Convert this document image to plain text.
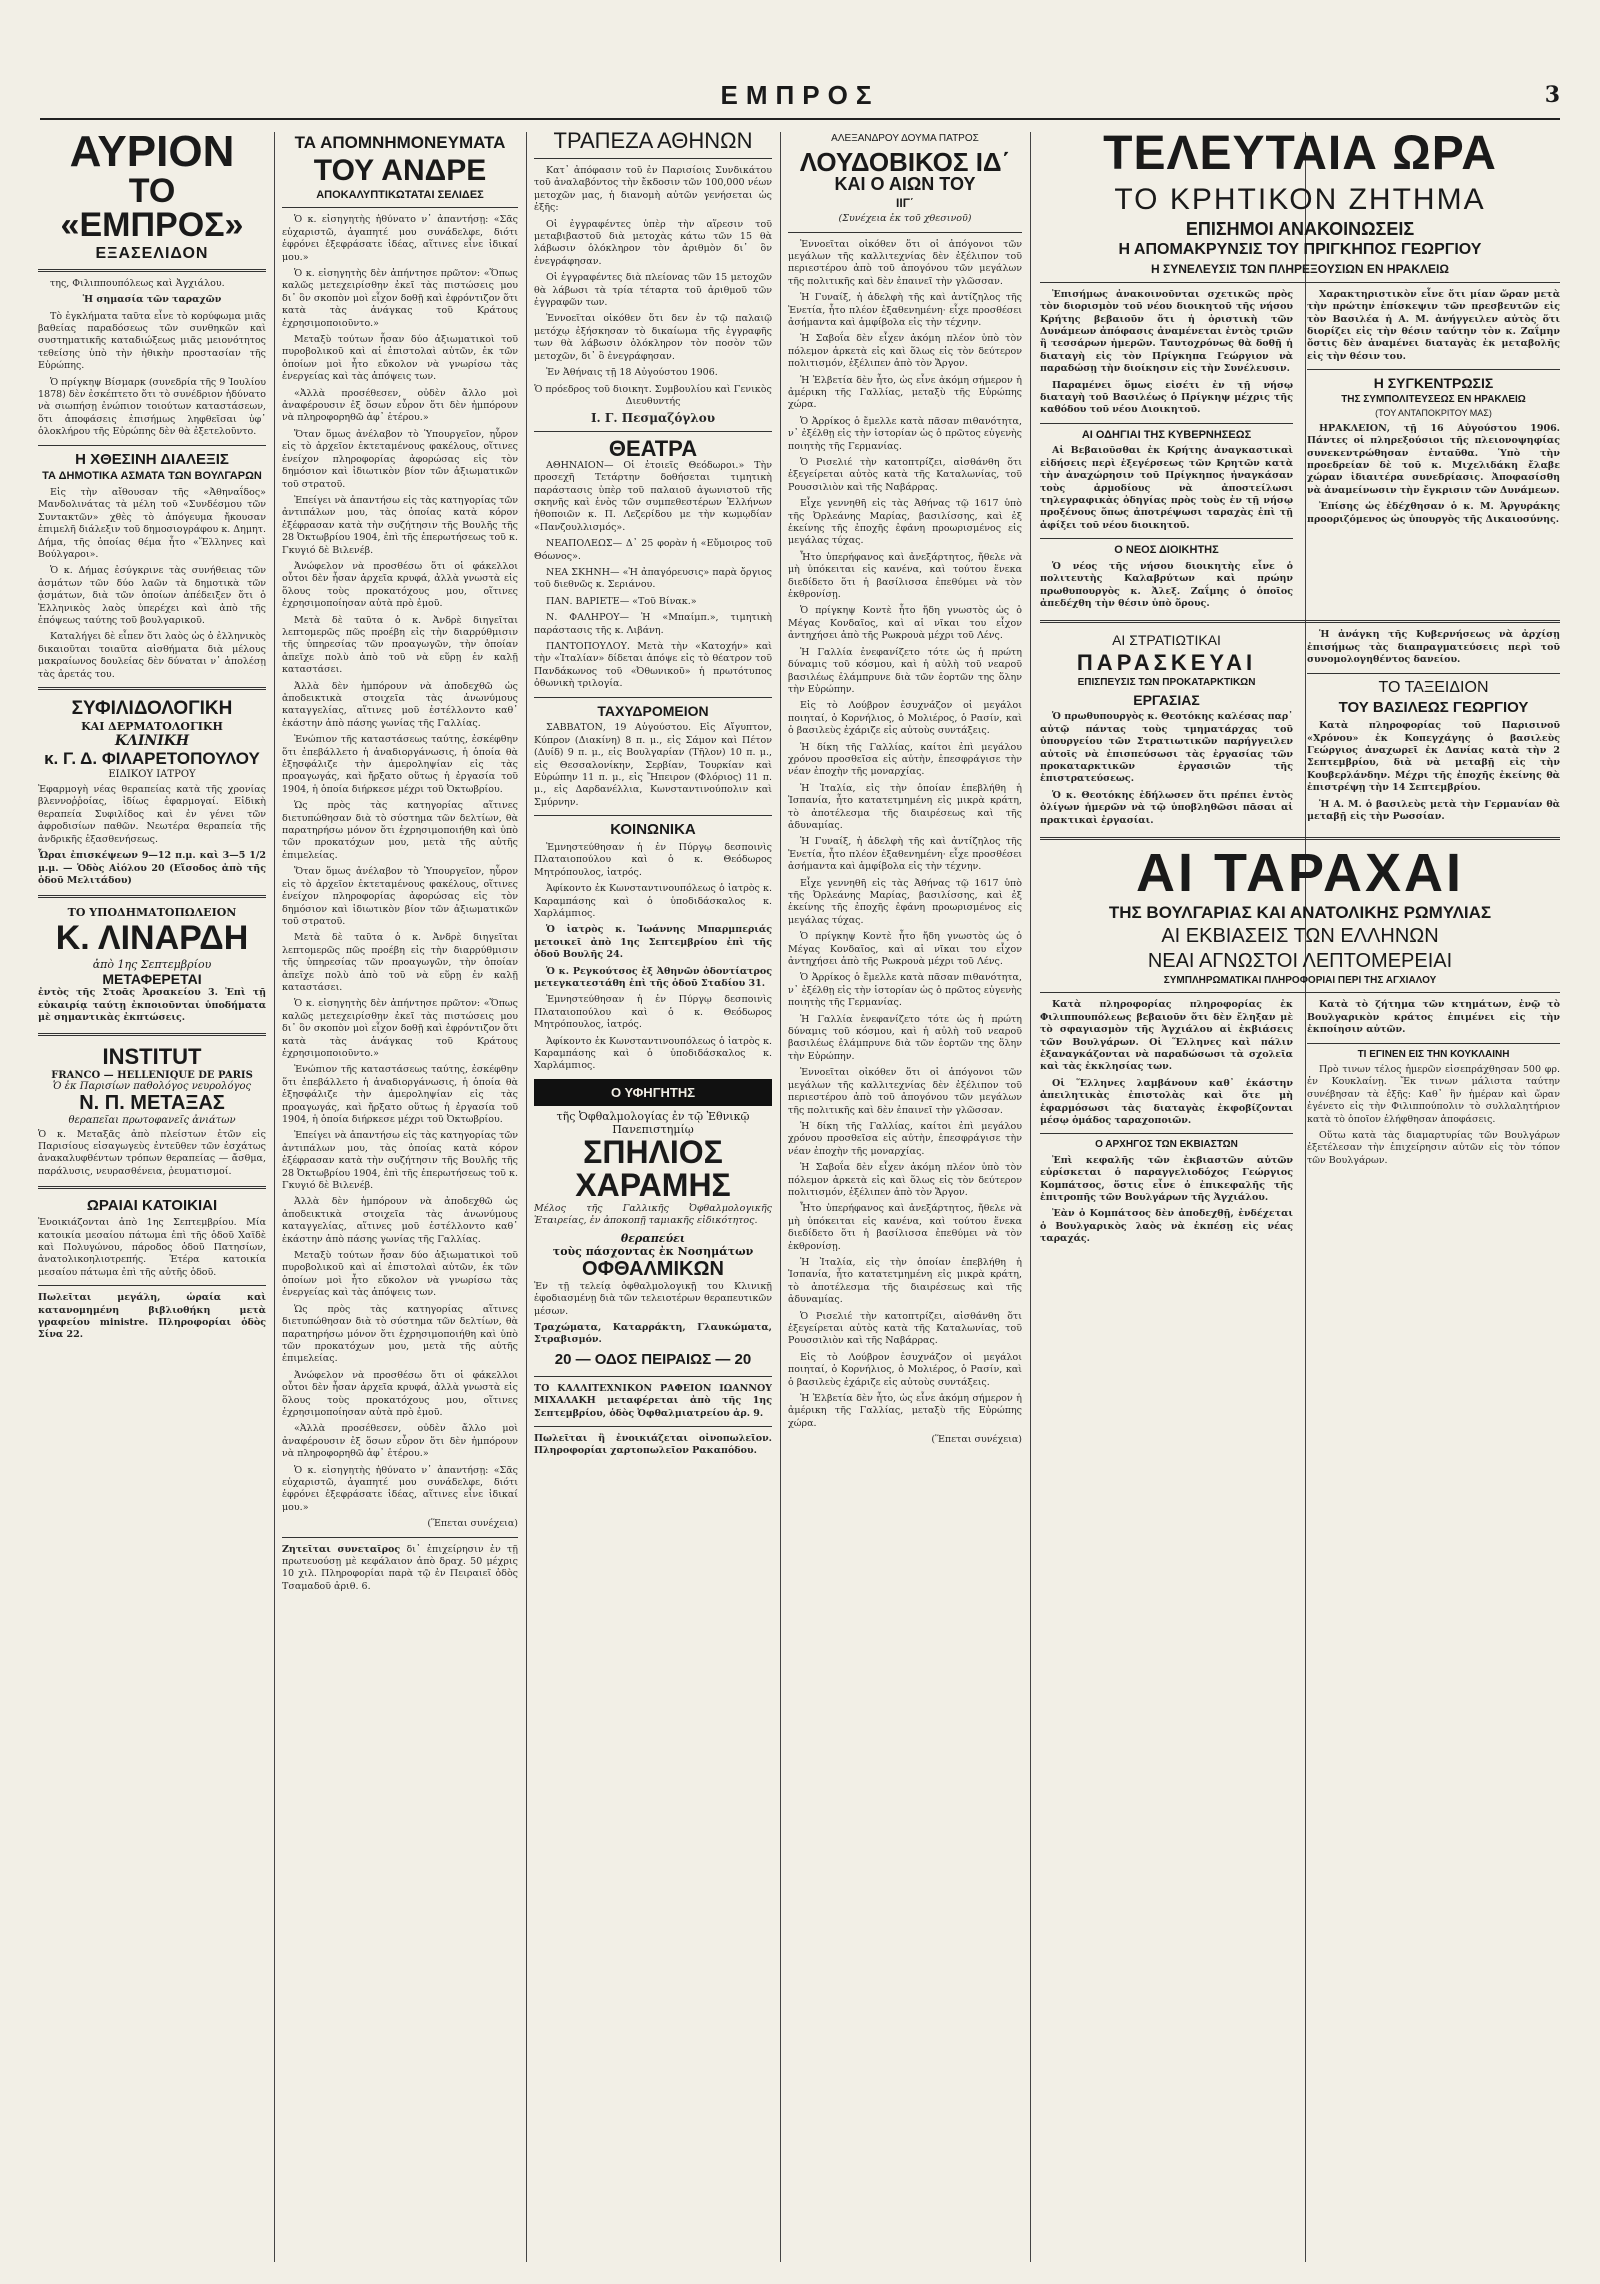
ΕΜΠΡΟΣ	3
ΑΥΡΙΟΝ
ΤΟ «ΕΜΠΡΟΣ»
ΕΞΑΣΕΛΙΔΟΝ

της, Φιλιππουπόλεως καὶ Ἀγχιάλου.

Ἡ σημασία τῶν ταραχῶν

Τὸ ἐγκλήματα ταῦτα εἶνε τὸ κορύφωμα μιᾶς βαθείας παραδόσεως τῶν συνθηκῶν καὶ συστηματικῆς καταδιώξεως μιᾶς μειονότητος τεθείσης ὑπὸ τὴν ἠθικὴν προστασίαν τῆς Εὐρώπης.

Ὁ πρίγκηψ Βίσμαρκ (συνεδρία τῆς 9 Ἰουλίου 1878) δὲν ἐσκέπτετο ὅτι τὸ συνέδριον ἠδύνατο νὰ σιωπήσῃ ἐνώπιον τοιούτων καταστάσεων, ὅτι ἀποφάσεις ἐπισήμως ληφθεῖσαι ὑφ᾽ ὁλοκλήρου τῆς Εὐρώπης δὲν θὰ ἐξετελοῦντο.

Η ΧΘΕΣΙΝΗ ΔΙΑΛΕΞΙΣ
ΤΑ ΔΗΜΟΤΙΚΑ ΑΣΜΑΤΑ ΤΩΝ ΒΟΥΛΓΑΡΩΝ

Εἰς τὴν αἴθουσαν τῆς «Ἀθηναΐδος» Μανδολινάτας τὰ μέλη τοῦ «Συνδέσμου τῶν Συντακτῶν» χθὲς τὸ ἀπόγευμα ἤκουσαν ἐπιμελῆ διάλεξιν τοῦ δημοσιογράφου κ. Δημητ. Δήμα, τῆς ὁποίας θέμα ἦτο «Ἕλληνες καὶ Βούλγαροι».

Ὁ κ. Δήμας ἐσύγκρινε τὰς συνήθειας τῶν ἀσμάτων τῶν δύο λαῶν τὰ δημοτικὰ τῶν ᾀσμάτων, διὰ τῶν ὁποίων ἀπέδειξεν ὅτι ὁ Ἑλληνικὸς λαὸς ὑπερέχει καὶ ἀπὸ τῆς ἐπόψεως ταύτης τοῦ βουλγαρικοῦ.

Καταλήγει δὲ εἶπεν ὅτι λαὸς ὡς ὁ ἑλληνικὸς δικαιοῦται τοιαῦτα αἰσθήματα διὰ μέλους μακραίωνος δουλείας δὲν δύναται ν᾽ ἀπολέσῃ τὰς ἀρετάς του.

ΣΥΦΙΛΙΔΟΛΟΓΙΚΗ
ΚΑΙ ΔΕΡΜΑΤΟΛΟΓΙΚΗ
ΚΛΙΝΙΚΗ
κ. Γ. Δ. ΦΙΛΑΡΕΤΟΠΟΥΛΟΥ
ΕΙΔΙΚΟΥ ΙΑΤΡΟΥ

Ἐφαρμογὴ νέας θεραπείας κατὰ τῆς χρονίας βλεννοῤῥοίας, ἰδίως ἐφαρμογαί. Εἰδικὴ θεραπεία Συφιλίδος καὶ ἐν γένει τῶν ἀφροδισίων παθῶν. Νεωτέρα θεραπεία τῆς ἀνδρικῆς ἐξασθενήσεως.

Ὧραι ἐπισκέψεων 9—12 π.μ. καὶ 3—5 1/2 μ.μ. — Ὁδὸς Αἰόλου 20 (Εἴσοδος ἀπὸ τῆς ὁδοῦ Μελιτάδου)

ΤΟ ΥΠΟΔΗΜΑΤΟΠΩΛΕΙΟΝ
Κ. ΛΙΝΑΡΔΗ
ἀπὸ 1ης Σεπτεμβρίου
ΜΕΤΑΦΕΡΕΤΑΙ

ἐντὸς τῆς Στοᾶς Ἀρσακείου 3. Ἐπὶ τῇ εὐκαιρίᾳ ταύτῃ ἐκποιοῦνται ὑποδήματα μὲ σημαντικὰς ἐκπτώσεις.

INSTITUT
FRANCO — HELLENIQUE DE PARIS
Ὁ ἐκ Παρισίων παθολόγος νευρολόγος
Ν. Π. ΜΕΤΑΞΑΣ
θεραπεῖαι πρωτοφανεῖς ἀνιάτων

Ὁ κ. Μεταξᾶς ἀπὸ πλείστων ἐτῶν εἰς Παρισίους εἰσαγωγεὺς ἐντεῦθεν τῶν ἐσχάτως ἀνακαλυφθέντων τρόπων θεραπείας — ἄσθμα, παράλυσις, νευρασθένεια, ῥευματισμοί.

ΩΡΑΙΑΙ ΚΑΤΟΙΚΙΑΙ

Ἐνοικιάζονται ἀπὸ 1ης Σεπτεμβρίου. Μία κατοικία μεσαίου πάτωμα ἐπὶ τῆς ὁδοῦ Χαϊδὲ καὶ Πολυγώνου, πάροδος ὁδοῦ Πατησίων, ἀνατολικοηλιοτρεπής. Ἑτέρα κατοικία μεσαίου πάτωμα ἐπὶ τῆς αὐτῆς ὁδοῦ.

Πωλεῖται μεγάλη, ὡραία καὶ κατανομημένη βιβλιοθήκη μετὰ γραφείου ministre. Πληροφορίαι ὁδὸς Σίνα 22.

ΤΑ ΑΠΟΜΝΗΜΟΝΕΥΜΑΤΑ
ΤΟΥ ΑΝΔΡΕ
ΑΠΟΚΑΛΥΠΤΙΚΩΤΑΤΑΙ ΣΕΛΙΔΕΣ

Ὁ κ. εἰσηγητὴς ἠθύνατο ν᾽ ἀπαντήσῃ: «Σᾶς εὐχαριστῶ, ἀγαπητέ μου συνάδελφε, διότι ἐφρόνει ἐξεφράσατε ἰδέας, αἵτινες εἶνε ἰδικαί μου.»

Ὁ κ. εἰσηγητὴς δὲν ἀπήντησε πρῶτον: «Ὅπως καλῶς μετεχειρίσθην ἐκεῖ τὰς πιστώσεις μου δι᾽ ὃν σκοπὸν μοὶ εἶχον δοθῇ καὶ ἐφρόντιζον ὅτι κατὰ τὰς ἀνάγκας τοῦ Κράτους ἐχρησιμοποιοῦντο.»

Μεταξὺ τούτων ἦσαν δύο ἀξιωματικοὶ τοῦ πυροβολικοῦ καὶ αἱ ἐπιστολαὶ αὐτῶν, ἐκ τῶν ὁποίων μοὶ ἦτο εὔκολον νὰ γνωρίσω τὰς ἐνεργείας καὶ τὰς ἀπόψεις των.

«Ἀλλὰ προσέθεσεν, οὐδὲν ἄλλο μοὶ ἀναφέρουσιν ἐξ ὅσων εὗρον ὅτι δὲν ἠμπόρουν νὰ πληροφορηθῶ ἀφ᾽ ἑτέρου.»

Ὅταν ὅμως ἀνέλαβον τὸ Ὑπουργεῖον, ηὗρον εἰς τὸ ἀρχεῖον ἐκτεταμένους φακέλους, οἵτινες ἐνείχον πληροφορίας ἀφορώσας εἰς τὸν δημόσιον καὶ ἰδιωτικὸν βίον τῶν ἀξιωματικῶν τοῦ στρατοῦ.

Ἐπείγει νὰ ἀπαντήσω εἰς τὰς κατηγορίας τῶν ἀντιπάλων μου, τὰς ὁποίας κατὰ κόρον ἐξέφρασαν κατὰ τὴν συζήτησιν τῆς Βουλῆς τῆς 28 Ὀκτωβρίου 1904, ἐπὶ τῆς ἐπερωτήσεως τοῦ κ. Γκυγιό δὲ Βιλενέβ.

Ἀνώφελον νὰ προσθέσω ὅτι οἱ φάκελλοι οὗτοι δὲν ἦσαν ἀρχεῖα κρυφά, ἀλλὰ γνωστὰ εἰς ὅλους τοὺς προκατόχους μου, οἵτινες ἐχρησιμοποίησαν αὐτὰ πρὸ ἐμοῦ.

Μετὰ δὲ ταῦτα ὁ κ. Ἀνδρὲ διηγεῖται λεπτομερῶς πῶς προέβη εἰς τὴν διαρρύθμισιν τῆς ὑπηρεσίας τῶν προαγωγῶν, τὴν ὁποίαν ἀπεῖχε πολὺ ἀπὸ τοῦ νὰ εὕρῃ ἐν καλῇ καταστάσει.

Ἀλλὰ δὲν ἠμπόρουν νὰ ἀποδεχθῶ ὡς ἀποδεικτικὰ στοιχεῖα τὰς ἀνωνύμους καταγγελίας, αἵτινες μοῦ ἐστέλλοντο καθ᾽ ἑκάστην ἀπὸ πάσης γωνίας τῆς Γαλλίας.

Ἐνώπιον τῆς καταστάσεως ταύτης, ἐσκέφθην ὅτι ἐπεβάλλετο ἡ ἀναδιοργάνωσις, ἡ ὁποία θὰ ἐξησφάλιζε τὴν ἀμεροληψίαν εἰς τὰς προαγωγάς, καὶ ἤρξατο οὕτως ἡ ἐργασία τοῦ 1904, ἡ ὁποία διήρκεσε μέχρι τοῦ Ὀκτωβρίου.

Ὡς πρὸς τὰς κατηγορίας αἵτινες διετυπώθησαν διὰ τὸ σύστημα τῶν δελτίων, θὰ παρατηρήσω μόνον ὅτι ἐχρησιμοποιήθη καὶ ὑπὸ τῶν προκατόχων μου, μετὰ τῆς αὐτῆς ἐπιμελείας.

Ὅταν ὅμως ἀνέλαβον τὸ Ὑπουργεῖον, ηὗρον εἰς τὸ ἀρχεῖον ἐκτεταμένους φακέλους, οἵτινες ἐνείχον πληροφορίας ἀφορώσας εἰς τὸν δημόσιον καὶ ἰδιωτικὸν βίον τῶν ἀξιωματικῶν τοῦ στρατοῦ.

Μετὰ δὲ ταῦτα ὁ κ. Ἀνδρὲ διηγεῖται λεπτομερῶς πῶς προέβη εἰς τὴν διαρρύθμισιν τῆς ὑπηρεσίας τῶν προαγωγῶν, τὴν ὁποίαν ἀπεῖχε πολὺ ἀπὸ τοῦ νὰ εὕρῃ ἐν καλῇ καταστάσει.

Ὁ κ. εἰσηγητὴς δὲν ἀπήντησε πρῶτον: «Ὅπως καλῶς μετεχειρίσθην ἐκεῖ τὰς πιστώσεις μου δι᾽ ὃν σκοπὸν μοὶ εἶχον δοθῇ καὶ ἐφρόντιζον ὅτι κατὰ τὰς ἀνάγκας τοῦ Κράτους ἐχρησιμοποιοῦντο.»

Ἐνώπιον τῆς καταστάσεως ταύτης, ἐσκέφθην ὅτι ἐπεβάλλετο ἡ ἀναδιοργάνωσις, ἡ ὁποία θὰ ἐξησφάλιζε τὴν ἀμεροληψίαν εἰς τὰς προαγωγάς, καὶ ἤρξατο οὕτως ἡ ἐργασία τοῦ 1904, ἡ ὁποία διήρκεσε μέχρι τοῦ Ὀκτωβρίου.

Ἐπείγει νὰ ἀπαντήσω εἰς τὰς κατηγορίας τῶν ἀντιπάλων μου, τὰς ὁποίας κατὰ κόρον ἐξέφρασαν κατὰ τὴν συζήτησιν τῆς Βουλῆς τῆς 28 Ὀκτωβρίου 1904, ἐπὶ τῆς ἐπερωτήσεως τοῦ κ. Γκυγιό δὲ Βιλενέβ.

Ἀλλὰ δὲν ἠμπόρουν νὰ ἀποδεχθῶ ὡς ἀποδεικτικὰ στοιχεῖα τὰς ἀνωνύμους καταγγελίας, αἵτινες μοῦ ἐστέλλοντο καθ᾽ ἑκάστην ἀπὸ πάσης γωνίας τῆς Γαλλίας.

Μεταξὺ τούτων ἦσαν δύο ἀξιωματικοὶ τοῦ πυροβολικοῦ καὶ αἱ ἐπιστολαὶ αὐτῶν, ἐκ τῶν ὁποίων μοὶ ἦτο εὔκολον νὰ γνωρίσω τὰς ἐνεργείας καὶ τὰς ἀπόψεις των.

Ὡς πρὸς τὰς κατηγορίας αἵτινες διετυπώθησαν διὰ τὸ σύστημα τῶν δελτίων, θὰ παρατηρήσω μόνον ὅτι ἐχρησιμοποιήθη καὶ ὑπὸ τῶν προκατόχων μου, μετὰ τῆς αὐτῆς ἐπιμελείας.

Ἀνώφελον νὰ προσθέσω ὅτι οἱ φάκελλοι οὗτοι δὲν ἦσαν ἀρχεῖα κρυφά, ἀλλὰ γνωστὰ εἰς ὅλους τοὺς προκατόχους μου, οἵτινες ἐχρησιμοποίησαν αὐτὰ πρὸ ἐμοῦ.

«Ἀλλὰ προσέθεσεν, οὐδὲν ἄλλο μοὶ ἀναφέρουσιν ἐξ ὅσων εὗρον ὅτι δὲν ἠμπόρουν νὰ πληροφορηθῶ ἀφ᾽ ἑτέρου.»

Ὁ κ. εἰσηγητὴς ἠθύνατο ν᾽ ἀπαντήσῃ: «Σᾶς εὐχαριστῶ, ἀγαπητέ μου συνάδελφε, διότι ἐφρόνει ἐξεφράσατε ἰδέας, αἵτινες εἶνε ἰδικαί μου.»

(Ἕπεται συνέχεια)

Ζητεῖται συνεταῖρος δι᾽ ἐπιχείρησιν ἐν τῇ πρωτευούσῃ μὲ κεφάλαιον ἀπὸ δραχ. 50 μέχρις 10 χιλ. Πληροφορίαι παρὰ τῷ ἐν Πειραιεῖ ὁδὸς Τσαμαδοῦ ἀριθ. 6.

ΤΡΑΠΕΖΑ ΑΘΗΝΩΝ

Κατ᾽ ἀπόφασιν τοῦ ἐν Παρισίοις Συνδικάτου τοῦ ἀναλαβόντος τὴν ἔκδοσιν τῶν 100,000 νέων μετοχῶν μας, ἡ διανομὴ αὐτῶν γενήσεται ὡς ἑξῆς:

Οἱ ἐγγραφέντες ὑπὲρ τὴν αἵρεσιν τοῦ μεταβιβαστοῦ διὰ μετοχὰς κάτω τῶν 15 θὰ λάβωσιν ὁλόκληρον τὸν ἀριθμὸν δι᾽ ὃν ἐνεγράφησαν.

Οἱ ἐγγραφέντες διὰ πλείονας τῶν 15 μετοχῶν θὰ λάβωσι τὰ τρία τέταρτα τοῦ ἀριθμοῦ τῶν ἐγγραφῶν των.

Ἐννοεῖται οἰκόθεν ὅτι δεν ἐν τῷ παλαιῷ μετόχῳ ἐξήσκησαν τὸ δικαίωμα τῆς ἐγγραφῆς των θὰ λάβωσιν ὁλόκληρον τὸν ποσὸν τῶν μετοχῶν, δι᾽ ὃ ἐνεγράφησαν.

Ἐν Ἀθήναις τῇ 18 Αὐγούστου 1906.

Ὁ πρόεδρος τοῦ διοικητ. Συμβουλίου καὶ Γενικὸς Διευθυντής

Ι. Γ. Πεσμαζόγλου

ΘΕΑΤΡΑ

ΑΘΗΝΑΙΟΝ— Οἱ ἐτοιεῖς Θεόδωροι.» Τὴν προσεχῆ Τετάρτην δοθήσεται τιμητικὴ παράστασις ὑπὲρ τοῦ παλαιοῦ ἀγωνιστοῦ τῆς σκηνῆς καὶ ἑνὸς τῶν συμπεθεστέρων Ἑλλήνων ἠθοποιῶν κ. Π. Λεζερίδου με τὴν κωμῳδίαν «Πανζουλλισμός».

ΝΕΑΠΟΛΕΩΣ— Δ᾽ 25 φορὰν ἡ «Εὔμοιρος τοῦ Θόωνος».

ΝΕΑ ΣΚΗΝΗ— «Ἡ ἀπαγόρευσις» παρὰ ὄργιος τοῦ διεθνῶς κ. Σεριάνου.

ΠΑΝ. ΒΑΡΙΕΤΕ— «Τοῦ Βίνακ.»

Ν. ΦΑΛΗΡΟΥ— Ἡ «Μπαίμπ.», τιμητικὴ παράστασις τῆς κ. Λιβάνη.

ΠΑΝΤΟΠΟΥΛΟΥ. Μετὰ τὴν «Κατοχήν» καὶ τὴν «Ἰταλίαν» δίδεται ἀπόψε εἰς τὸ θέατρον τοῦ Πανδάκωνος τοῦ «Ὀθωνικοῦ» ἡ πρωτότυπος ὀθωνικὴ τριλογία.

ΤΑΧΥΔΡΟΜΕΙΟΝ

ΣΑΒΒΑΤΟΝ, 19 Αὐγούστου. Εἰς Αἴγυπτον, Κύπρον (Διακίνη) 8 π. μ., εἰς Σάμον καὶ Πέτον (Δυίδ) 9 π. μ., εἰς Βουλγαρίαν (Τῆλον) 10 π. μ., εἰς Θεσσαλονίκην, Σερβίαν, Τουρκίαν καὶ Εὐρώπην 11 π. μ., εἰς Ἤπειρον (Φλόριος) 11 π. μ., εἰς Δαρδανέλλια, Κωνσταντινούπολιν καὶ Σμύρνην.

ΚΟΙΝΩΝΙΚΑ

Ἐμνηστεύθησαν ἡ ἐν Πύργῳ δεσποινὶς Πλαταιοπούλου καὶ ὁ κ. Θεόδωρος Μητρόπουλος, ἰατρός.

Ἀφίκοντο ἐκ Κωνσταντινουπόλεως ὁ ἰατρὸς κ. Καραμπάσης καὶ ὁ ὑποδιδάσκαλος κ. Χαρλάμπιος.

Ὁ ἰατρὸς κ. Ἰωάννης Μπαρμπεριάς μετοικεῖ ἀπὸ 1ης Σεπτεμβρίου ἐπὶ τῆς ὁδοῦ Βουλῆς 24.

Ὁ κ. Ρεγκούτσος ἐξ Ἀθηνῶν ὀδοντίατρος μετεγκατεστάθη ἐπὶ τῆς ὁδοῦ Σταδίου 31.

Ἐμνηστεύθησαν ἡ ἐν Πύργῳ δεσποινὶς Πλαταιοπούλου καὶ ὁ κ. Θεόδωρος Μητρόπουλος, ἰατρός.

Ἀφίκοντο ἐκ Κωνσταντινουπόλεως ὁ ἰατρὸς κ. Καραμπάσης καὶ ὁ ὑποδιδάσκαλος κ. Χαρλάμπιος.

Ο ΥΦΗΓΗΤΗΣ
τῆς Ὀφθαλμολογίας ἐν τῷ Ἐθνικῷ Πανεπιστημίῳ
ΣΠΗΛΙΟΣ ΧΑΡΑΜΗΣ

Μέλος τῆς Γαλλικῆς Ὀφθαλμολογικῆς Ἑταιρείας, ἐν ἀποκοπῇ ταμιακῆς εἰδικότητος.

θεραπεύει
τοὺς πάσχοντας ἐκ Νοσημάτων
ΟΦΘΑΛΜΙΚΩΝ

Ἐν τῇ τελείᾳ ὀφθαλμολογικῇ του Κλινικῇ ἐφοδιασμένῃ διὰ τῶν τελειοτέρων θεραπευτικῶν μέσων.

Τραχώματα, Καταρράκτη, Γλαυκώματα, Στραβισμόν.

20 — ΟΔΟΣ ΠΕΙΡΑΙΩΣ — 20

ΤΟ ΚΑΛΛΙΤΕΧΝΙΚΟΝ ΡΑΦΕΙΟΝ ΙΩΑΝΝΟΥ ΜΙΧΑΛΑΚΗ μεταφέρεται ἀπὸ τῆς 1ης Σεπτεμβρίου, ὁδὸς Ὀφθαλμιατρείου ἀρ. 9.

Πωλεῖται ἢ ἐνοικιάζεται οἰνοπωλεῖον. Πληροφορίαι χαρτοπωλεῖον Ρακαπόδου.

ΑΛΕΞΑΝΔΡΟΥ ΔΟΥΜΑ ΠΑΤΡΟΣ
ΛΟΥΔΟΒΙΚΟΣ ΙΔ΄
ΚΑΙ Ο ΑΙΩΝ ΤΟΥ
ΙΙΓ΄

(Συνέχεια ἐκ τοῦ χθεσινοῦ)

Ἐννοεῖται οἰκόθεν ὅτι οἱ ἀπόγονοι τῶν μεγάλων τῆς καλλιτεχνίας δὲν ἐξέλιπον τοῦ περιεστέρου ἀπὸ τοῦ ἀπογόνου τῶν μεγάλων τῆς πολιτικῆς καὶ δὲν ἐπαινεῖ τὴν γλῶσσαν.

Ἡ Γυναίξ, ἡ ἀδελφὴ τῆς καὶ ἀντίζηλος τῆς Ἐνετία, ἦτο πλέον ἐξαθενημένη· εἶχε προσθέσει ἀσήμαντα καὶ ἀμφίβολα εἰς τὴν τέχνην.

Ἡ Σαβοΐα δὲν εἶχεν ἀκόμη πλέον ὑπὸ τὸν πόλεμον ἀρκετὰ εἰς καὶ ὅλως εἰς τὸν δεύτερον πολιτισμόν, ἐξέλιπεν ἀπὸ τὸν Ἄργον.

Ἡ Ἑλβετία δὲν ἦτο, ὡς εἶνε ἀκόμη σήμερον ἡ ἀμέρικη τῆς Γαλλίας, μεταξὺ τῆς Εὐρώπης χώρα.

Ὁ Ἀρρίκος ὁ ἔμελλε κατὰ πᾶσαν πιθανότητα, ν᾽ ἐξέλθῃ εἰς τὴν ἱστορίαν ὡς ὁ πρῶτος εὐγενὴς ποιητὴς τῆς Γερμανίας.

Ὁ Ρισελιέ τὴν κατοπτρίζει, αἰσθάνθη ὅτι ἐξεγείρεται αὐτὸς κατὰ τῆς Καταλωνίας, τοῦ Ρουσσιλιὸν καὶ τῆς Ναβάρρας.

Εἶχε γεννηθῆ εἰς τὰς Ἀθήνας τῷ 1617 ὑπὸ τῆς Ὀρλεάνης Μαρίας, βασιλίσσης, καὶ ἐξ ἐκείνης τῆς ἐποχῆς ἐφάνη προωρισμένος εἰς μεγάλας τύχας.

Ἦτο ὑπερήφανος καὶ ἀνεξάρτητος, ἤθελε νὰ μὴ ὑπόκειται εἰς κανένα, καὶ τούτου ἕνεκα διεδίδετο ὅτι ἡ βασίλισσα ἐπεθύμει νὰ τὸν ἐκθρονίσῃ.

Ὁ πρίγκηψ Κοντὲ ἦτο ἤδη γνωστὸς ὡς ὁ Μέγας Κονδαῖος, καὶ αἱ νῖκαι του εἶχον ἀντηχήσει ἀπὸ τῆς Ρωκρουὰ μέχρι τοῦ Λένς.

Ἡ Γαλλία ἐνεφανίζετο τότε ὡς ἡ πρώτη δύναμις τοῦ κόσμου, καὶ ἡ αὐλὴ τοῦ νεαροῦ βασιλέως ἐλάμπρυνε διὰ τῶν ἑορτῶν της ὅλην τὴν Εὐρώπην.

Εἰς τὸ Λούβρον ἐσυχνάζον οἱ μεγάλοι ποιηταί, ὁ Κορνήλιος, ὁ Μολιέρος, ὁ Ρασίν, καὶ ὁ βασιλεὺς ἐχάριζε εἰς αὐτοὺς συντάξεις.

Ἡ δίκη τῆς Γαλλίας, καίτοι ἐπὶ μεγάλου χρόνου προσθεῖσα εἰς αὐτὴν, ἐπεσφράγισε τὴν νέαν ἐποχὴν τῆς μοναρχίας.

Ἡ Ἰταλία, εἰς τὴν ὁποίαν ἐπεβλήθη ἡ Ἱσπανία, ἦτο κατατετμημένη εἰς μικρὰ κράτη, τὸ ἀποτέλεσμα τῆς διαιρέσεως καὶ τῆς ἀδυναμίας.

Ἡ Γυναίξ, ἡ ἀδελφὴ τῆς καὶ ἀντίζηλος τῆς Ἐνετία, ἦτο πλέον ἐξαθενημένη· εἶχε προσθέσει ἀσήμαντα καὶ ἀμφίβολα εἰς τὴν τέχνην.

Εἶχε γεννηθῆ εἰς τὰς Ἀθήνας τῷ 1617 ὑπὸ τῆς Ὀρλεάνης Μαρίας, βασιλίσσης, καὶ ἐξ ἐκείνης τῆς ἐποχῆς ἐφάνη προωρισμένος εἰς μεγάλας τύχας.

Ὁ πρίγκηψ Κοντὲ ἦτο ἤδη γνωστὸς ὡς ὁ Μέγας Κονδαῖος, καὶ αἱ νῖκαι του εἶχον ἀντηχήσει ἀπὸ τῆς Ρωκρουὰ μέχρι τοῦ Λένς.

Ὁ Ἀρρίκος ὁ ἔμελλε κατὰ πᾶσαν πιθανότητα, ν᾽ ἐξέλθῃ εἰς τὴν ἱστορίαν ὡς ὁ πρῶτος εὐγενὴς ποιητὴς τῆς Γερμανίας.

Ἡ Γαλλία ἐνεφανίζετο τότε ὡς ἡ πρώτη δύναμις τοῦ κόσμου, καὶ ἡ αὐλὴ τοῦ νεαροῦ βασιλέως ἐλάμπρυνε διὰ τῶν ἑορτῶν της ὅλην τὴν Εὐρώπην.

Ἐννοεῖται οἰκόθεν ὅτι οἱ ἀπόγονοι τῶν μεγάλων τῆς καλλιτεχνίας δὲν ἐξέλιπον τοῦ περιεστέρου ἀπὸ τοῦ ἀπογόνου τῶν μεγάλων τῆς πολιτικῆς καὶ δὲν ἐπαινεῖ τὴν γλῶσσαν.

Ἡ δίκη τῆς Γαλλίας, καίτοι ἐπὶ μεγάλου χρόνου προσθεῖσα εἰς αὐτὴν, ἐπεσφράγισε τὴν νέαν ἐποχὴν τῆς μοναρχίας.

Ἡ Σαβοΐα δὲν εἶχεν ἀκόμη πλέον ὑπὸ τὸν πόλεμον ἀρκετὰ εἰς καὶ ὅλως εἰς τὸν δεύτερον πολιτισμόν, ἐξέλιπεν ἀπὸ τὸν Ἄργον.

Ἦτο ὑπερήφανος καὶ ἀνεξάρτητος, ἤθελε νὰ μὴ ὑπόκειται εἰς κανένα, καὶ τούτου ἕνεκα διεδίδετο ὅτι ἡ βασίλισσα ἐπεθύμει νὰ τὸν ἐκθρονίσῃ.

Ἡ Ἰταλία, εἰς τὴν ὁποίαν ἐπεβλήθη ἡ Ἱσπανία, ἦτο κατατετμημένη εἰς μικρὰ κράτη, τὸ ἀποτέλεσμα τῆς διαιρέσεως καὶ τῆς ἀδυναμίας.

Ὁ Ρισελιέ τὴν κατοπτρίζει, αἰσθάνθη ὅτι ἐξεγείρεται αὐτὸς κατὰ τῆς Καταλωνίας, τοῦ Ρουσσιλιὸν καὶ τῆς Ναβάρρας.

Εἰς τὸ Λούβρον ἐσυχνάζον οἱ μεγάλοι ποιηταί, ὁ Κορνήλιος, ὁ Μολιέρος, ὁ Ρασίν, καὶ ὁ βασιλεὺς ἐχάριζε εἰς αὐτοὺς συντάξεις.

Ἡ Ἑλβετία δὲν ἦτο, ὡς εἶνε ἀκόμη σήμερον ἡ ἀμέρικη τῆς Γαλλίας, μεταξὺ τῆς Εὐρώπης χώρα.

(Ἕπεται συνέχεια)

ΤΕΛΕΥΤΑΙΑ ΩΡΑ
ΤΟ ΚΡΗΤΙΚΟΝ ΖΗΤΗΜΑ
ΕΠΙΣΗΜΟΙ ΑΝΑΚΟΙΝΩΣΕΙΣ
Η ΑΠΟΜΑΚΡΥΝΣΙΣ ΤΟΥ ΠΡΙΓΚΗΠΟΣ ΓΕΩΡΓΙΟΥ
Η ΣΥΝΕΛΕΥΣΙΣ ΤΩΝ ΠΛΗΡΕΞΟΥΣΙΩΝ ΕΝ ΗΡΑΚΛΕΙΩ

Ἐπισήμως ἀνακοινοῦνται σχετικῶς πρὸς τὸν διορισμὸν τοῦ νέου διοικητοῦ τῆς νήσου Κρήτης βεβαιοῦν ὅτι ἡ ὁριστικὴ τῶν Δυνάμεων ἀπόφασις ἀναμένεται ἐντὸς τριῶν ἢ τεσσάρων ἡμερῶν. Ταυτοχρόνως θὰ δοθῇ ἡ διαταγὴ εἰς τὸν Πρίγκηπα Γεώργιον νὰ παραδώσῃ τὴν διοίκησιν εἰς τὴν Συνέλευσιν.

Παραμένει ὅμως εἰσέτι ἐν τῇ νήσῳ διαταγὴ τοῦ Βασιλέως ὁ Πρίγκηψ μέχρις τῆς καθόδου τοῦ νέου Διοικητοῦ.

ΑΙ ΟΔΗΓΙΑΙ ΤΗΣ ΚΥΒΕΡΝΗΣΕΩΣ

Αἱ Βεβαιοῦσθαι ἐκ Κρήτης ἀναγκαστικαὶ εἰδήσεις περὶ ἐξεγέρσεως τῶν Κρητῶν κατὰ τὴν ἀναχώρησιν τοῦ Πρίγκηπος ἠναγκάσαν τοὺς ἁρμοδίους νὰ ἀποστείλωσι τηλεγραφικὰς ὁδηγίας πρὸς τοὺς ἐν τῇ νήσῳ προξένους ὅπως ἀποτρέψωσι ταραχὰς ἐπὶ τῇ ἀφίξει τοῦ νέου διοικητοῦ.

Ο ΝΕΟΣ ΔΙΟΙΚΗΤΗΣ

Ὁ νέος τῆς νήσου διοικητὴς εἶνε ὁ πολιτευτὴς Καλαβρύτων καὶ πρώην πρωθυπουργὸς κ. Ἀλεξ. Ζαΐμης ὁ ὁποῖος ἀπεδέχθη τὴν θέσιν ὑπὸ ὅρους.

Χαρακτηριστικὸν εἶνε ὅτι μίαν ὥραν μετὰ τὴν πρώτην ἐπίσκεψιν τῶν πρεσβευτῶν εἰς τὸν Βασιλέα ἡ Α. Μ. ἀνήγγειλεν αὐτὸς ὅτι διορίζει εἰς τὴν θέσιν ταύτην τὸν κ. Ζαΐμην ὅστις δὲν ἀναμένει διαταγὰς ἐκ μεταβολῆς εἰς τὴν θέσιν του.

Η ΣΥΓΚΕΝΤΡΩΣΙΣ
ΤΗΣ ΣΥΜΠΟΛΙΤΕΥΣΕΩΣ ΕΝ ΗΡΑΚΛΕΙΩ
(ΤΟΥ ΑΝΤΑΠΟΚΡΙΤΟΥ ΜΑΣ)

ΗΡΑΚΛΕΙΟΝ, τῇ 16 Αὐγούστου 1906. Πάντες οἱ πληρεξούσιοι τῆς πλειονοψηφίας συνεκεντρώθησαν ἐνταῦθα. Ὑπὸ τὴν προεδρείαν δὲ τοῦ κ. Μιχελιδάκη ἔλαβε χώραν ἰδιαιτέρα συνεδρίασις. Ἀποφασίσθη νὰ ἀναμείνωσιν τὴν ἔγκρισιν τῶν Δυνάμεων.

Ἐπίσης ὡς ἐδέχθησαν ὁ κ. Μ. Ἀργυράκης προοριζόμενος ὡς ὑπουργὸς τῆς Δικαιοσύνης.

ΑΙ ΣΤΡΑΤΙΩΤΙΚΑΙ
ΠΑΡΑΣΚΕΥΑΙ
ΕΠΙΣΠΕΥΣΙΣ ΤΩΝ ΠΡΟΚΑΤΑΡΚΤΙΚΩΝ
ΕΡΓΑΣΙΑΣ

Ὁ πρωθυπουργὸς κ. Θεοτόκης καλέσας παρ᾽ αὐτῷ πάντας τοὺς τμηματάρχας τοῦ ὑπουργείου τῶν Στρατιωτικῶν παρήγγειλεν αὐτοῖς νὰ ἐπισπεύσωσι τὰς ἐργασίας τῶν προκαταρκτικῶν ἐργασιῶν τῆς ἐπιστρατεύσεως.

Ὁ κ. Θεοτόκης ἐδήλωσεν ὅτι πρέπει ἐντὸς ὀλίγων ἡμερῶν νὰ τῷ ὑποβληθῶσι πᾶσαι αἱ πρακτικαὶ ἐργασίαι.

Ἡ ἀνάγκη τῆς Κυβερνήσεως νὰ ἀρχίσῃ ἐπισήμως τὰς διαπραγματεύσεις περὶ τοῦ συνομολογηθέντος δανείου.

ΤΟ ΤΑΞΕΙΔΙΟΝ
ΤΟΥ ΒΑΣΙΛΕΩΣ ΓΕΩΡΓΙΟΥ

Κατὰ πληροφορίας τοῦ Παρισινοῦ «Χρόνου» ἐκ Κοπεγχάγης ὁ βασιλεὺς Γεώργιος ἀναχωρεῖ ἐκ Δανίας κατὰ τὴν 2 Σεπτεμβρίου, διὰ νὰ μεταβῇ εἰς τὴν Κουβερλάνδην. Μέχρι τῆς ἐποχῆς ἐκείνης θὰ ἐπιστρέψῃ τὴν 14 Σεπτεμβρίου.

Ἡ Α. Μ. ὁ βασιλεὺς μετὰ τὴν Γερμανίαν θὰ μεταβῇ εἰς τὴν Ρωσσίαν.

ΑΙ ΤΑΡΑΧΑΙ
ΤΗΣ ΒΟΥΛΓΑΡΙΑΣ ΚΑΙ ΑΝΑΤΟΛΙΚΗΣ ΡΩΜΥΛΙΑΣ
ΑΙ ΕΚΒΙΑΣΕΙΣ ΤΩΝ ΕΛΛΗΝΩΝ
ΝΕΑΙ ΑΓΝΩΣΤΟΙ ΛΕΠΤΟΜΕΡΕΙΑΙ
ΣΥΜΠΛΗΡΩΜΑΤΙΚΑΙ ΠΛΗΡΟΦΟΡΙΑΙ ΠΕΡΙ ΤΗΣ ΑΓΧΙΑΛΟΥ

Κατὰ πληροφορίας πληροφορίας ἐκ Φιλιππουπόλεως βεβαιοῦν ὅτι δὲν ἔληξαν μὲ τὸ σφαγιασμὸν τῆς Ἀγχιάλου αἱ ἐκβιάσεις τῶν Βουλγάρων. Οἱ Ἕλληνες καὶ πάλιν ἐξαναγκάζονται νὰ παραδώσωσι τὰ σχολεῖα καὶ τὰς ἐκκλησίας των.

Οἱ Ἕλληνες λαμβάνουν καθ᾽ ἑκάστην ἀπειλητικὰς ἐπιστολὰς καὶ ὅτε μὴ ἐφαρμόσωσι τὰς διαταγὰς ἐκφοβίζονται μέσῳ ὁμάδος ταραχοποιῶν.

Ο ΑΡΧΗΓΟΣ ΤΩΝ ΕΚΒΙΑΣΤΩΝ

Ἐπὶ κεφαλῆς τῶν ἐκβιαστῶν αὐτῶν εὑρίσκεται ὁ παραγγελιοδόχος Γεώργιος Κομπάτσος, ὅστις εἶνε ὁ ἐπικεφαλῆς τῆς ἐπιτροπῆς τῶν Βουλγάρων τῆς Ἀγχιάλου.

Ἐὰν ὁ Κομπάτσος δὲν ἀποδεχθῇ, ἐνδέχεται ὁ Βουλγαρικὸς λαὸς νὰ ἐκπέσῃ εἰς νέας ταραχάς.

Κατὰ τὸ ζήτημα τῶν κτημάτων, ἐνῷ τὸ Βουλγαρικὸν κράτος ἐπιμένει εἰς τὴν ἐκποίησιν αὐτῶν.

ΤΙ ΕΓΙΝΕΝ ΕΙΣ ΤΗΝ ΚΟΥΚΛΑΙΝΗ

Πρὸ τινων τέλος ἡμερῶν εἰσεπράχθησαν 500 φρ. ἐν Κουκλαίνῃ. Ἔκ τινων μάλιστα ταύτην συνέβησαν τὰ ἑξῆς: Καθ᾽ ἣν ἡμέραν καὶ ὥραν ἐγένετο εἰς τὴν Φιλιππούπολιν τὸ συλλαλητήριον κατὰ τὸ ὁποῖον ἐλήφθησαν ἀποφάσεις.

Οὕτω κατὰ τὰς διαμαρτυρίας τῶν Βουλγάρων ἐξετέλεσαν τὴν ἐπιχείρησιν αὐτῶν εἰς τὸν τόπον τῶν Βουλγάρων.
